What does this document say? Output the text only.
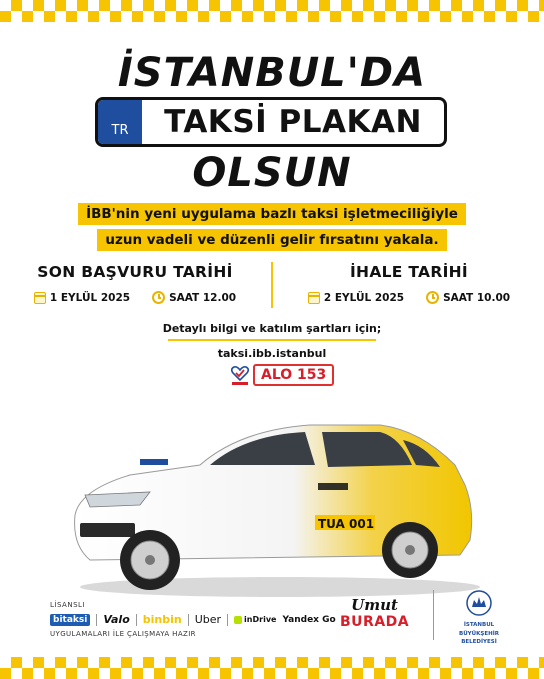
İSTANBUL'DA
TR	TAKSİ PLAKAN
OLSUN
İBB'nin yeni uygulama bazlı taksi işletmeciliğiyle
uzun vadeli ve düzenli gelir fırsatını yakala.
SON BAŞVURU TARİHİ
1 EYLÜL 2025	SAAT 12.00
İHALE TARİHİ
2 EYLÜL 2025	SAAT 10.00
Detaylı bilgi ve katılım şartları için;
taksi.ibb.istanbul
ALO 153
TUA 001
LİSANSLI
bitaksi Valo binbin Uber	inDrive Yandex Go
UYGULAMALARI İLE ÇALIŞMAYA HAZIR
Umut
BURADA	İSTANBUL
BÜYÜKŞEHİR
BELEDİYESİ
